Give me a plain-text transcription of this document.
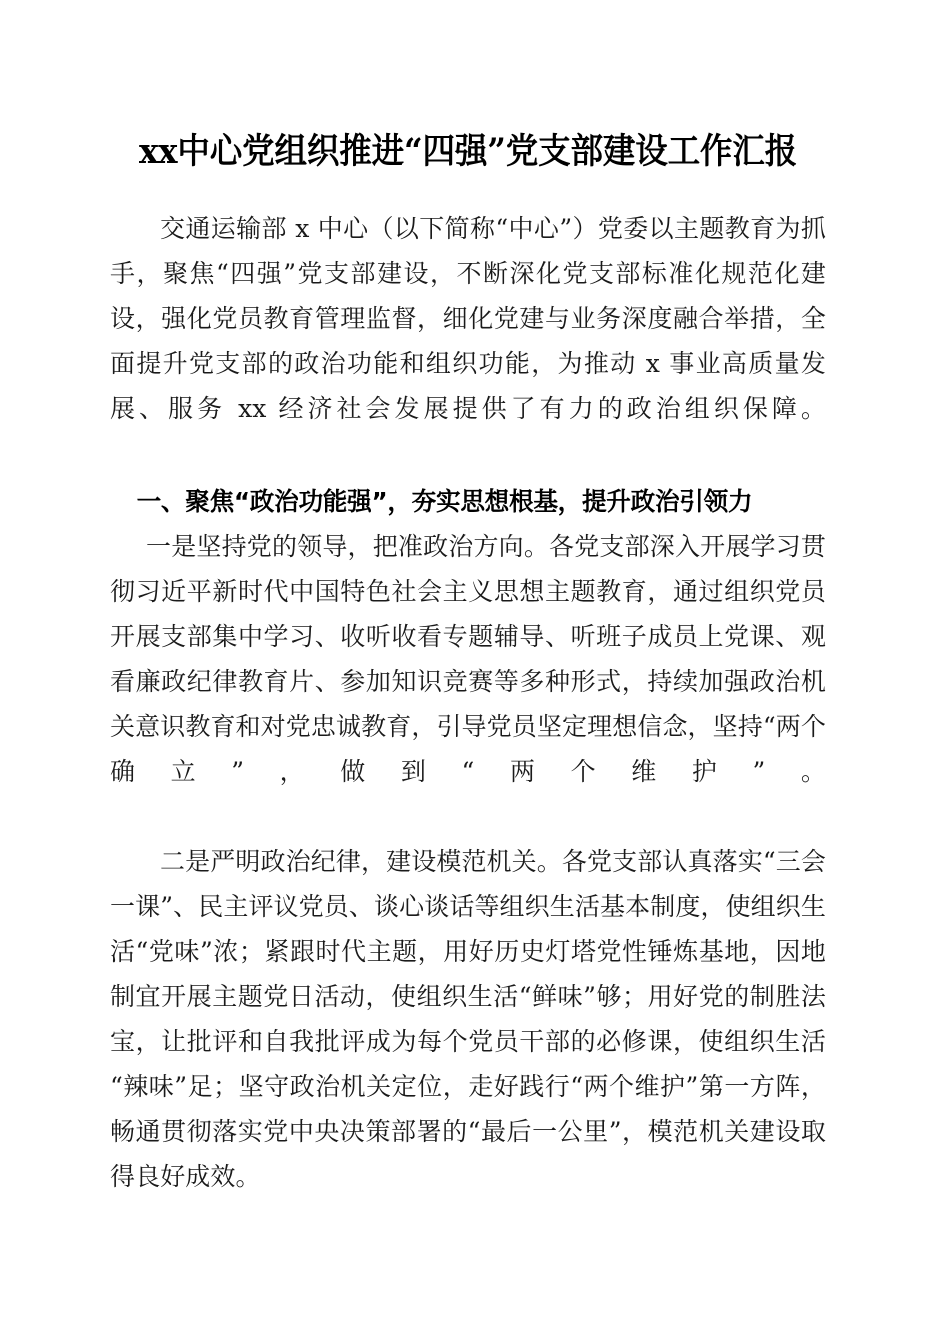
xx中心党组织推进“四强”党支部建设工作汇报

交通运输部 x 中心（以下简称“中心”）党委以主题教育为抓手，聚焦“四强”党支部建设，不断深化党支部标准化规范化建设，强化党员教育管理监督，细化党建与业务深度融合举措，全面提升党支部的政治功能和组织功能，为推动 x 事业高质量发展、服务 xx 经济社会发展提供了有力的政治组织保障。

一、聚焦“政治功能强”，夯实思想根基，提升政治引领力

一是坚持党的领导，把准政治方向。各党支部深入开展学习贯彻习近平新时代中国特色社会主义思想主题教育，通过组织党员开展支部集中学习、收听收看专题辅导、听班子成员上党课、观看廉政纪律教育片、参加知识竞赛等多种形式，持续加强政治机关意识教育和对党忠诚教育，引导党员坚定理想信念，坚持“两个确立”，做到“两个维护”。

二是严明政治纪律，建设模范机关。各党支部认真落实“三会一课”、民主评议党员、谈心谈话等组织生活基本制度，使组织生活“党味”浓；紧跟时代主题，用好历史灯塔党性锤炼基地，因地制宜开展主题党日活动，使组织生活“鲜味”够；用好党的制胜法宝，让批评和自我批评成为每个党员干部的必修课，使组织生活“辣味”足；坚守政治机关定位，走好践行“两个维护”第一方阵，畅通贯彻落实党中央决策部署的“最后一公里”，模范机关建设取得良好成效。
